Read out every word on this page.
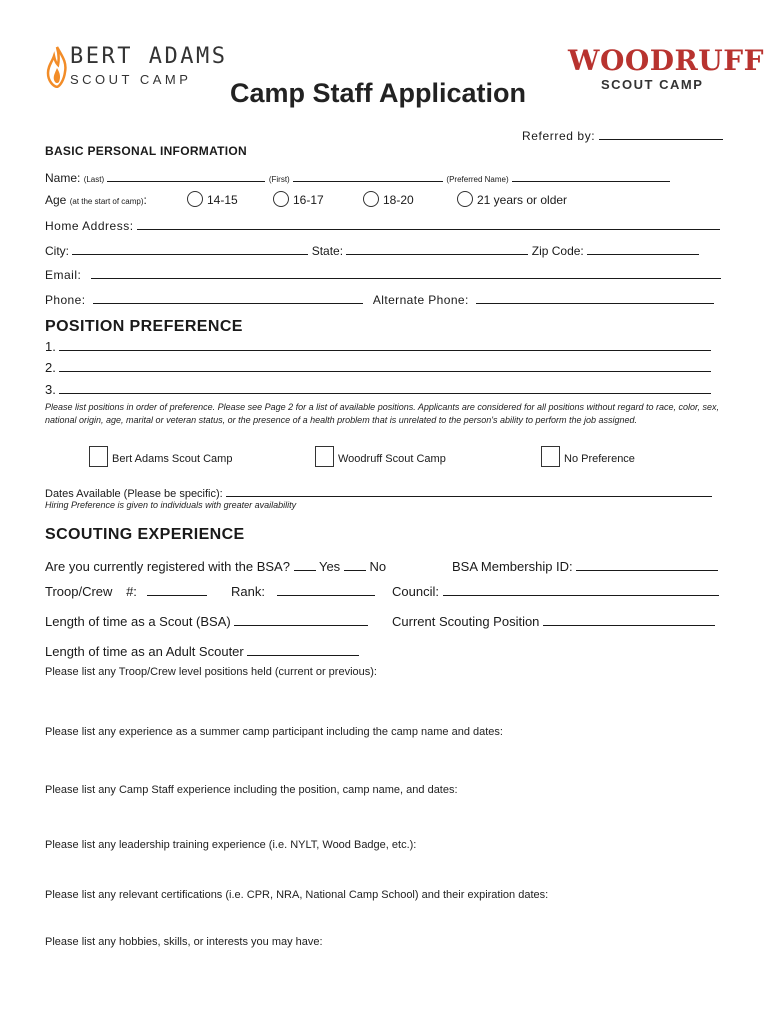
BERT ADAMS
SCOUT CAMP Camp Staff Application
WOODRUFF
SCOUT CAMP
Referred by:
BASIC PERSONAL INFORMATION
Name: (Last)	(First)	(Preferred Name)
Age (at the start of camp):	14-15	16-17	18-20	21 years or older
Home Address:
City:	State:	Zip Code:
Email:
Phone:	Alternate Phone:
POSITION PREFERENCE
1.
2.
3.
Please list positions in order of preference. Please see Page 2 for a list of available positions. Applicants are considered for all positions without regard to race, color, sex, national origin, age, marital or veteran status, or the presence of a health problem that is unrelated to the person's ability to perform the job assigned.
Bert Adams Scout Camp	Woodruff Scout Camp	No Preference
Dates Available (Please be specific):
Hiring Preference is given to individuals with greater availability
SCOUTING EXPERIENCE
Are you currently registered with the BSA? Yes No	BSA Membership ID:
Troop/Crew #:	Rank:	Council:
Length of time as a Scout (BSA)	Current Scouting Position
Length of time as an Adult Scouter
Please list any Troop/Crew level positions held (current or previous):
Please list any experience as a summer camp participant including the camp name and dates:
Please list any Camp Staff experience including the position, camp name, and dates:
Please list any leadership training experience (i.e. NYLT, Wood Badge, etc.):
Please list any relevant certifications (i.e. CPR, NRA, National Camp School) and their expiration dates:
Please list any hobbies, skills, or interests you may have:
